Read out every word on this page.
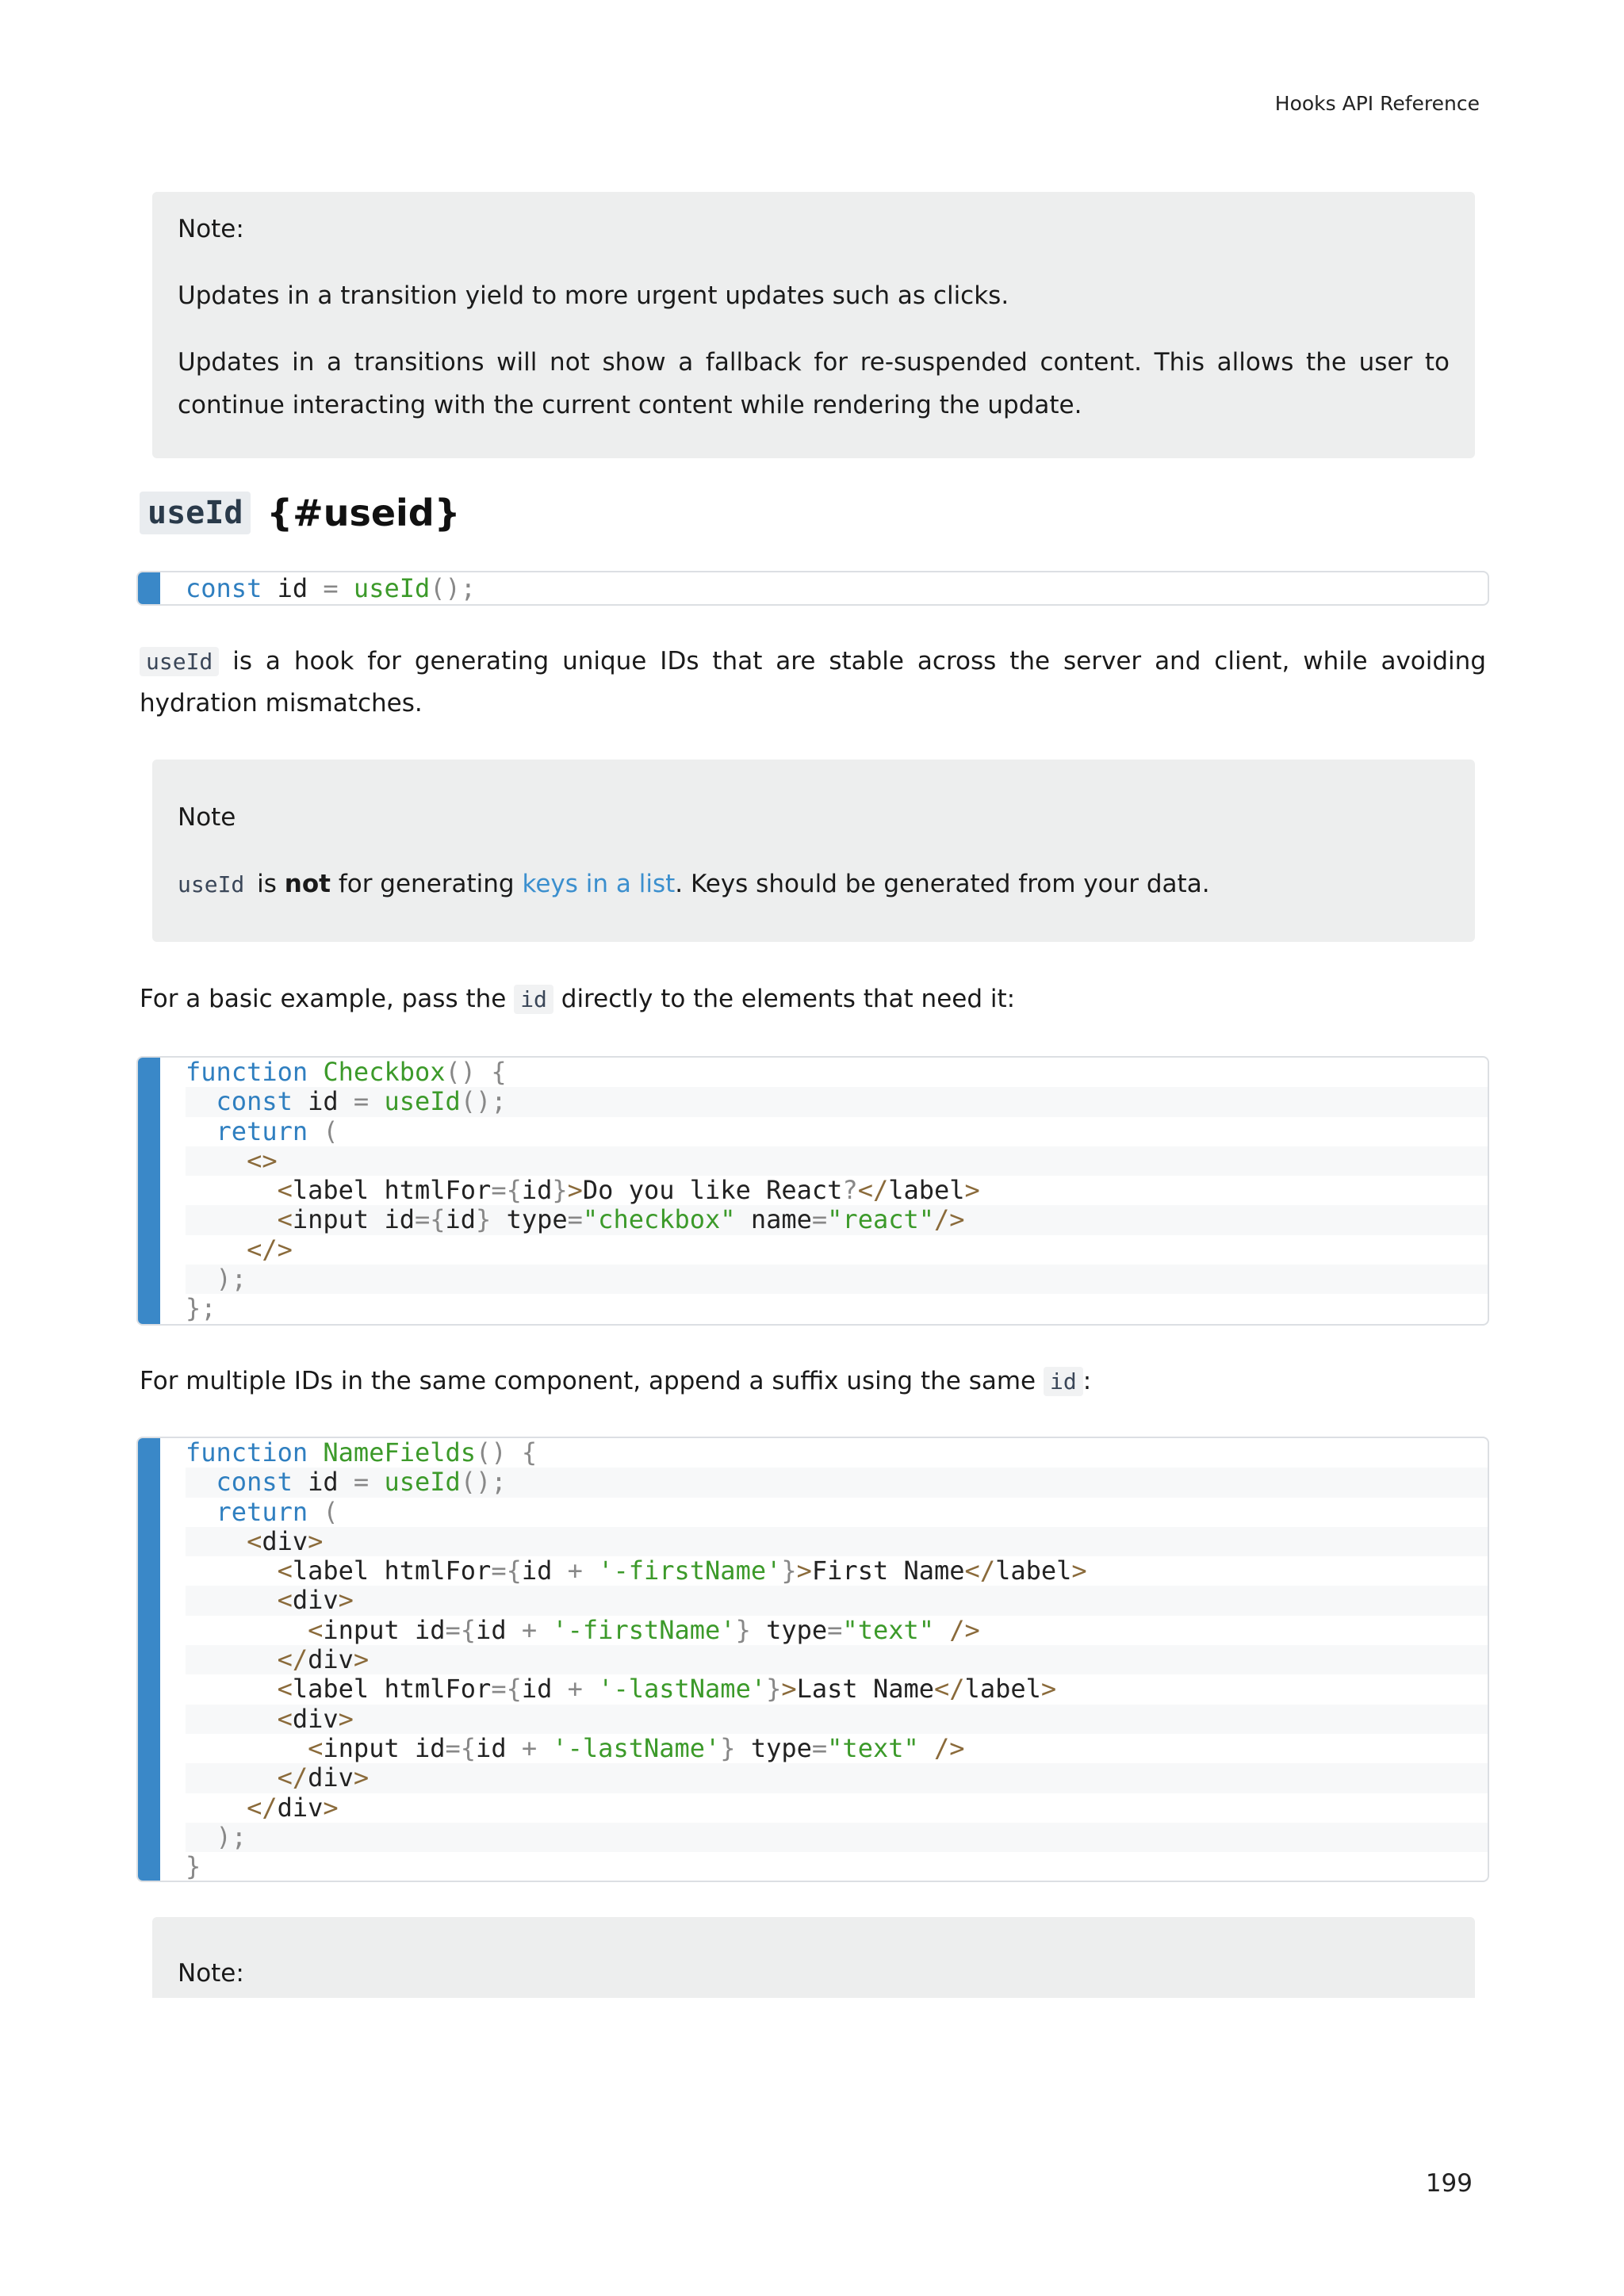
Hooks API Reference

Note:

Updates in a transition yield to more urgent updates such as clicks.

Updates in a transitions will not show a fallback for re-suspended content. This allows the user to continue interacting with the current content while rendering the update.

useId {#useid}
const id = useId();
useId is a hook for generating unique IDs that are stable across the server and client, while avoiding hydration mismatches.

Note

useId is not for generating keys in a list. Keys should be generated from your data.

For a basic example, pass the id directly to the elements that need it:
function Checkbox() {
const id = useId();
return (
<>
<label htmlFor={id}>Do you like React?</label>
<input id={id} type="checkbox" name="react"/>
</>
);
};
For multiple IDs in the same component, append a suffix using the same id :
function NameFields() {
const id = useId();
return (
<div>
<label htmlFor={id + '-firstName'}>First Name</label>
<div>
<input id={id + '-firstName'} type="text" />
</div>
<label htmlFor={id + '-lastName'}>Last Name</label>
<div>
<input id={id + '-lastName'} type="text" />
</div>
</div>
);
}

Note:

199
